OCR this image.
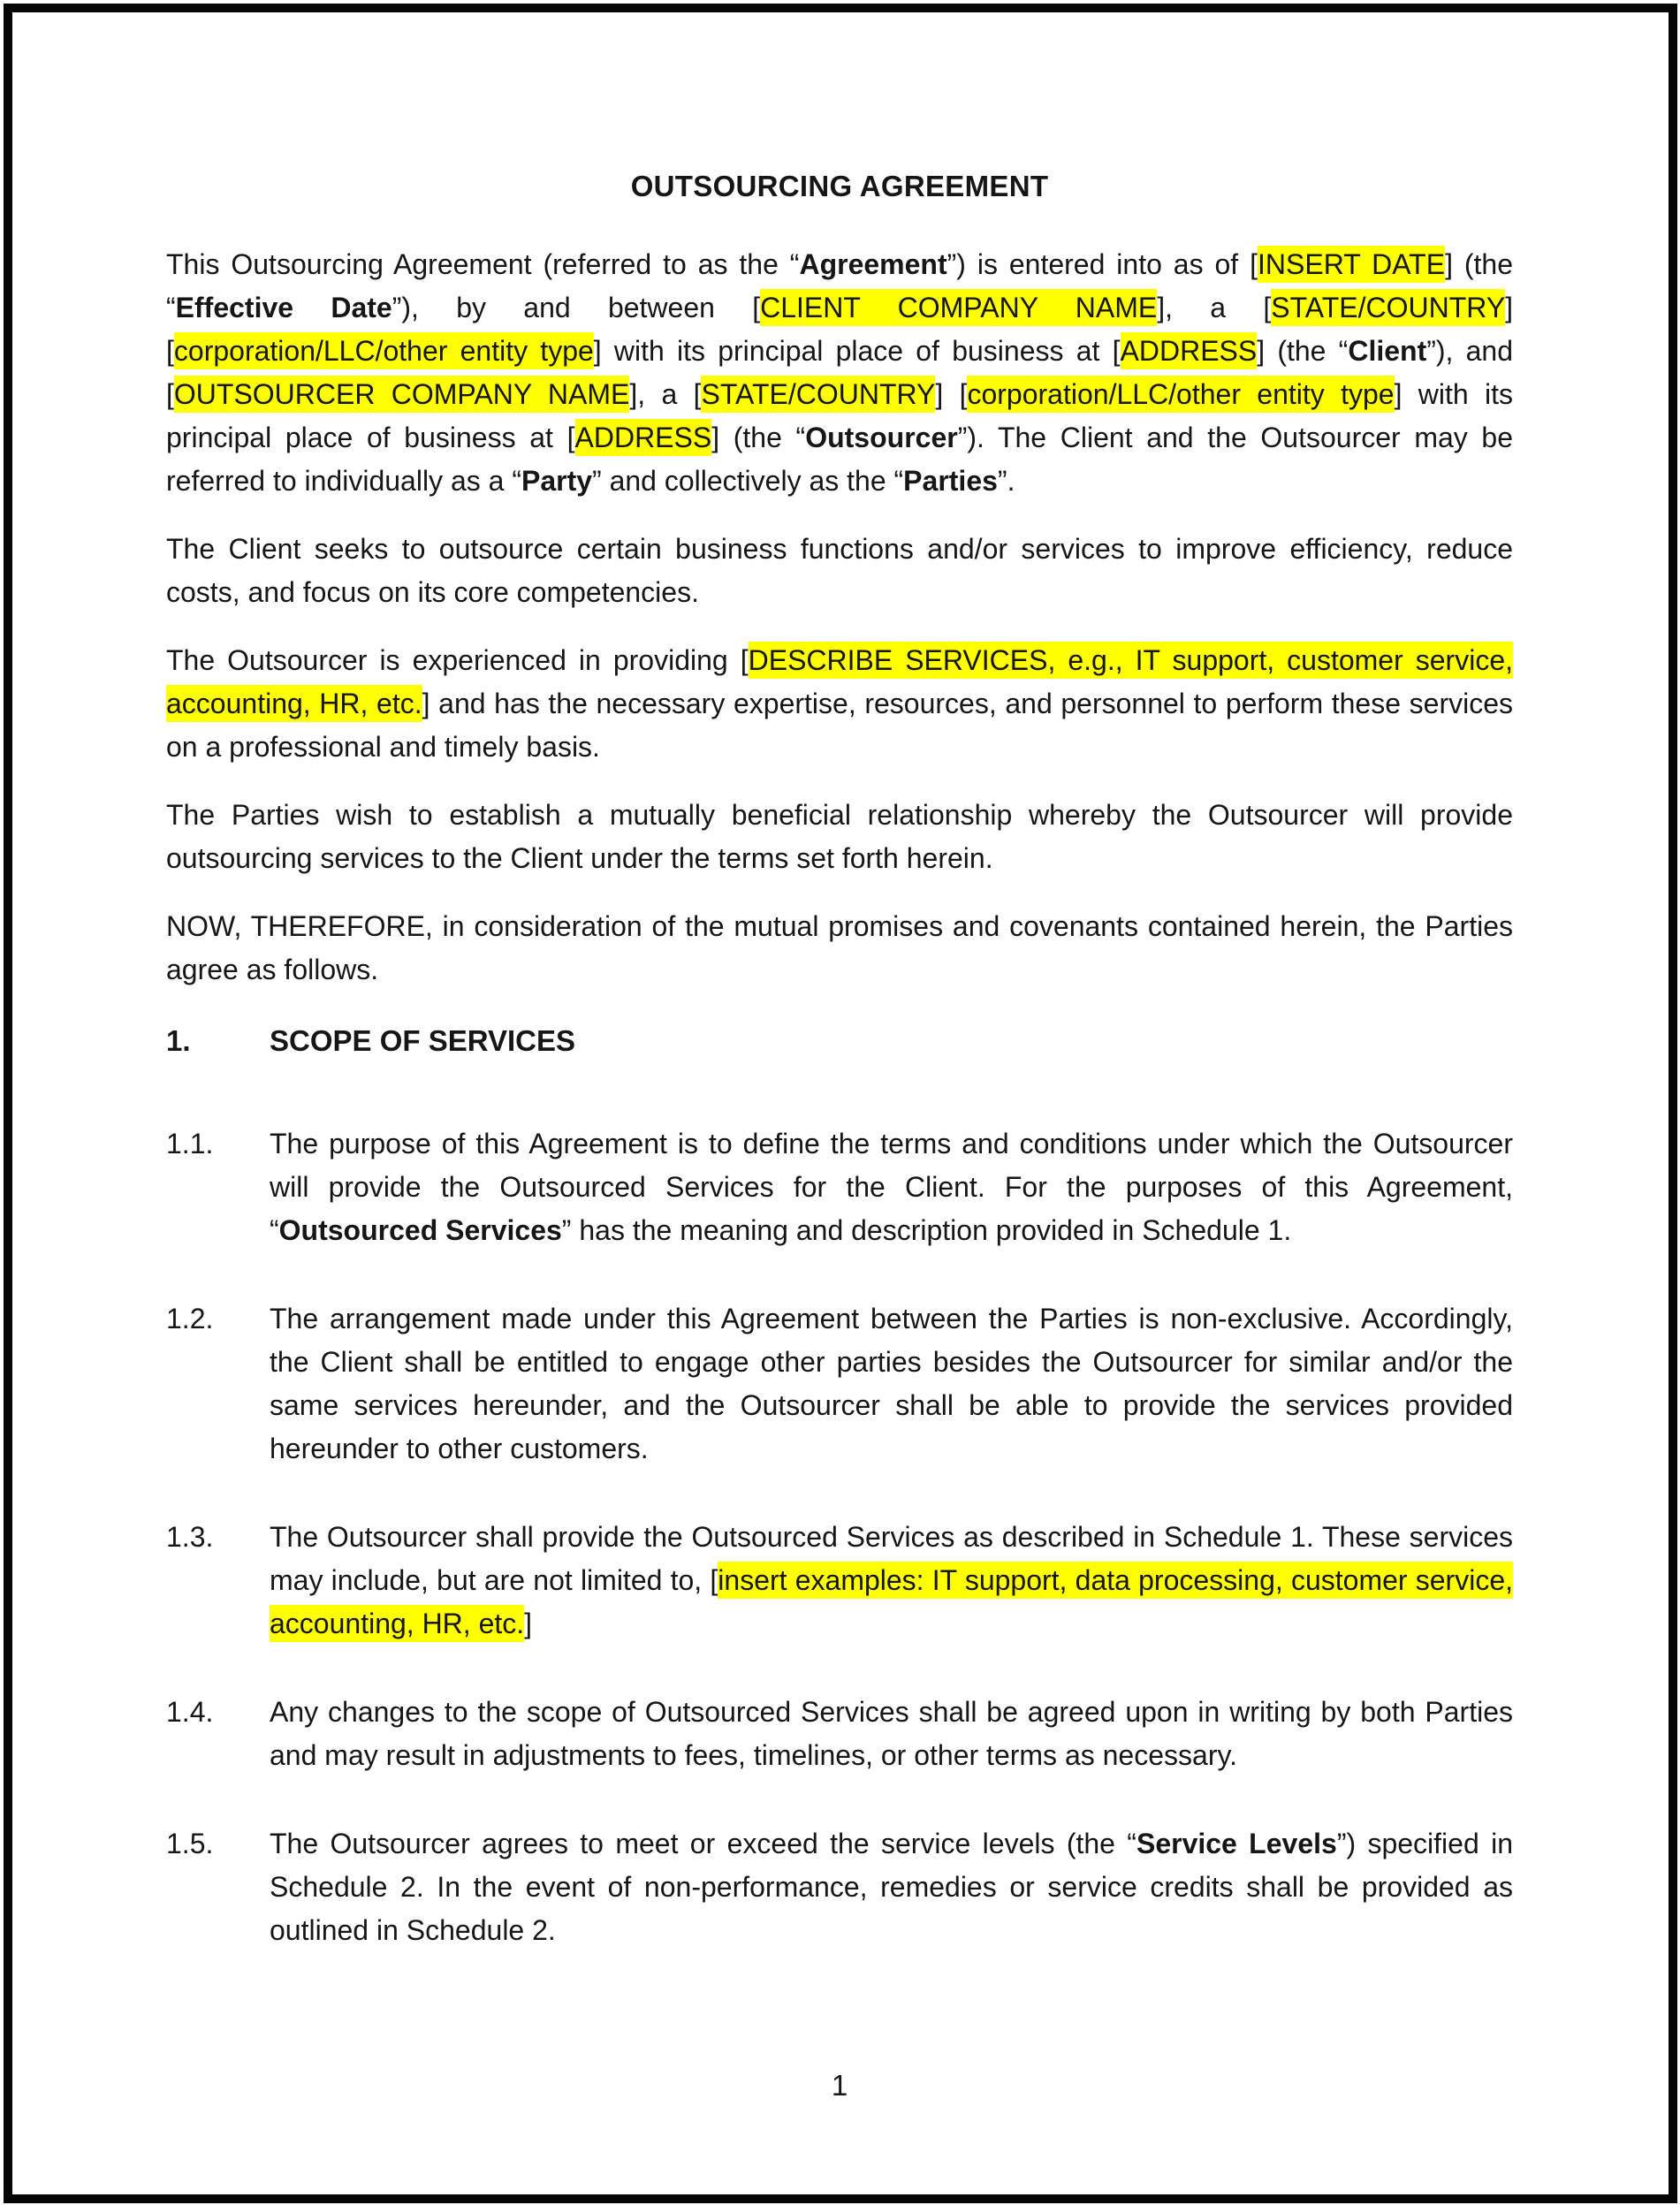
OUTSOURCING AGREEMENT
This Outsourcing Agreement (referred to as the “Agreement”) is entered into as of [INSERT DATE] (the “Effective Date”), by and between [CLIENT COMPANY NAME], a [STATE/COUNTRY] [corporation/LLC/other entity type] with its principal place of business at [ADDRESS] (the “Client”), and [OUTSOURCER COMPANY NAME], a [STATE/COUNTRY] [corporation/LLC/other entity type] with its principal place of business at [ADDRESS] (the “Outsourcer”). The Client and the Outsourcer may be referred to individually as a “Party” and collectively as the “Parties”.
The Client seeks to outsource certain business functions and/or services to improve efficiency, reduce costs, and focus on its core competencies.
The Outsourcer is experienced in providing [DESCRIBE SERVICES, e.g., IT support, customer service, accounting, HR, etc.] and has the necessary expertise, resources, and personnel to perform these services on a professional and timely basis.
The Parties wish to establish a mutually beneficial relationship whereby the Outsourcer will provide outsourcing services to the Client under the terms set forth herein.
NOW, THEREFORE, in consideration of the mutual promises and covenants contained herein, the Parties agree as follows.
1.	SCOPE OF SERVICES
1.1. The purpose of this Agreement is to define the terms and conditions under which the Outsourcer will provide the Outsourced Services for the Client. For the purposes of this Agreement, “Outsourced Services” has the meaning and description provided in Schedule 1.
1.2. The arrangement made under this Agreement between the Parties is non-exclusive. Accordingly, the Client shall be entitled to engage other parties besides the Outsourcer for similar and/or the same services hereunder, and the Outsourcer shall be able to provide the services provided hereunder to other customers.
1.3. The Outsourcer shall provide the Outsourced Services as described in Schedule 1. These services may include, but are not limited to, [insert examples: IT support, data processing, customer service, accounting, HR, etc.]
1.4. Any changes to the scope of Outsourced Services shall be agreed upon in writing by both Parties and may result in adjustments to fees, timelines, or other terms as necessary.
1.5. The Outsourcer agrees to meet or exceed the service levels (the “Service Levels”) specified in Schedule 2. In the event of non-performance, remedies or service credits shall be provided as outlined in Schedule 2.
1
